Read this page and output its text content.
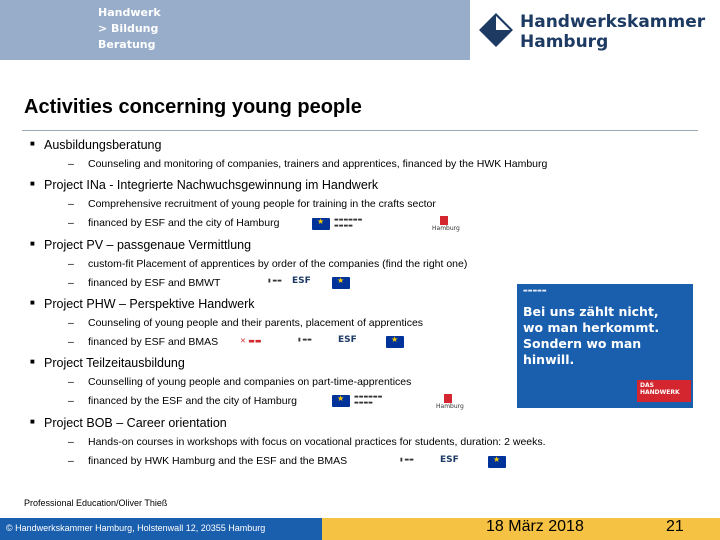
Handwerk
> Bildung
Beratung
Handwerkskammer
Hamburg
Activities concerning young people
■ Ausbildungsberatung
– Counseling and monitoring of companies, trainers and apprentices, financed by the HWK Hamburg
■ Project INa - Integrierte Nachwuchsgewinnung im Handwerk
– Comprehensive recruitment of young people for training in the crafts sector
– financed by ESF and the city of Hamburg ★	▬▬▬▬▬▬
▬▬▬▬	Hamburg
■ Project PV – passgenaue Vermittlung
– custom-fit Placement of apprentices by order of the companies (find the right one)
– financed by ESF and BMWT	▮ ▬▬ ESF
★
■ Project PHW – Perspektive Handwerk
– Counseling of young people and their parents, placement of apprentices
– financed by ESF and BMAS	✕ ▬▬	▮ ▬▬	ESF
★
■ Project Teilzeitausbildung
– Counselling of young people and companies on part-time-apprentices
– financed by the ESF and the city of Hamburg ★	▬▬▬▬▬▬
▬▬▬▬	Hamburg
■ Project BOB – Career orientation
– Hands-on courses in workshops with focus on vocational practices for students, duration: 2 weeks.
– financed by HWK Hamburg and the ESF and the BMAS	▮ ▬▬	ESF
★
▬▬▬▬▬
Bei uns zählt nicht,
wo man herkommt.
Sondern wo man
hinwill.
DAS HANDWERK
Professional Education/Oliver Thieß
© Handwerkskammer Hamburg, Holstenwall 12, 20355 Hamburg	18 März 2018	21
